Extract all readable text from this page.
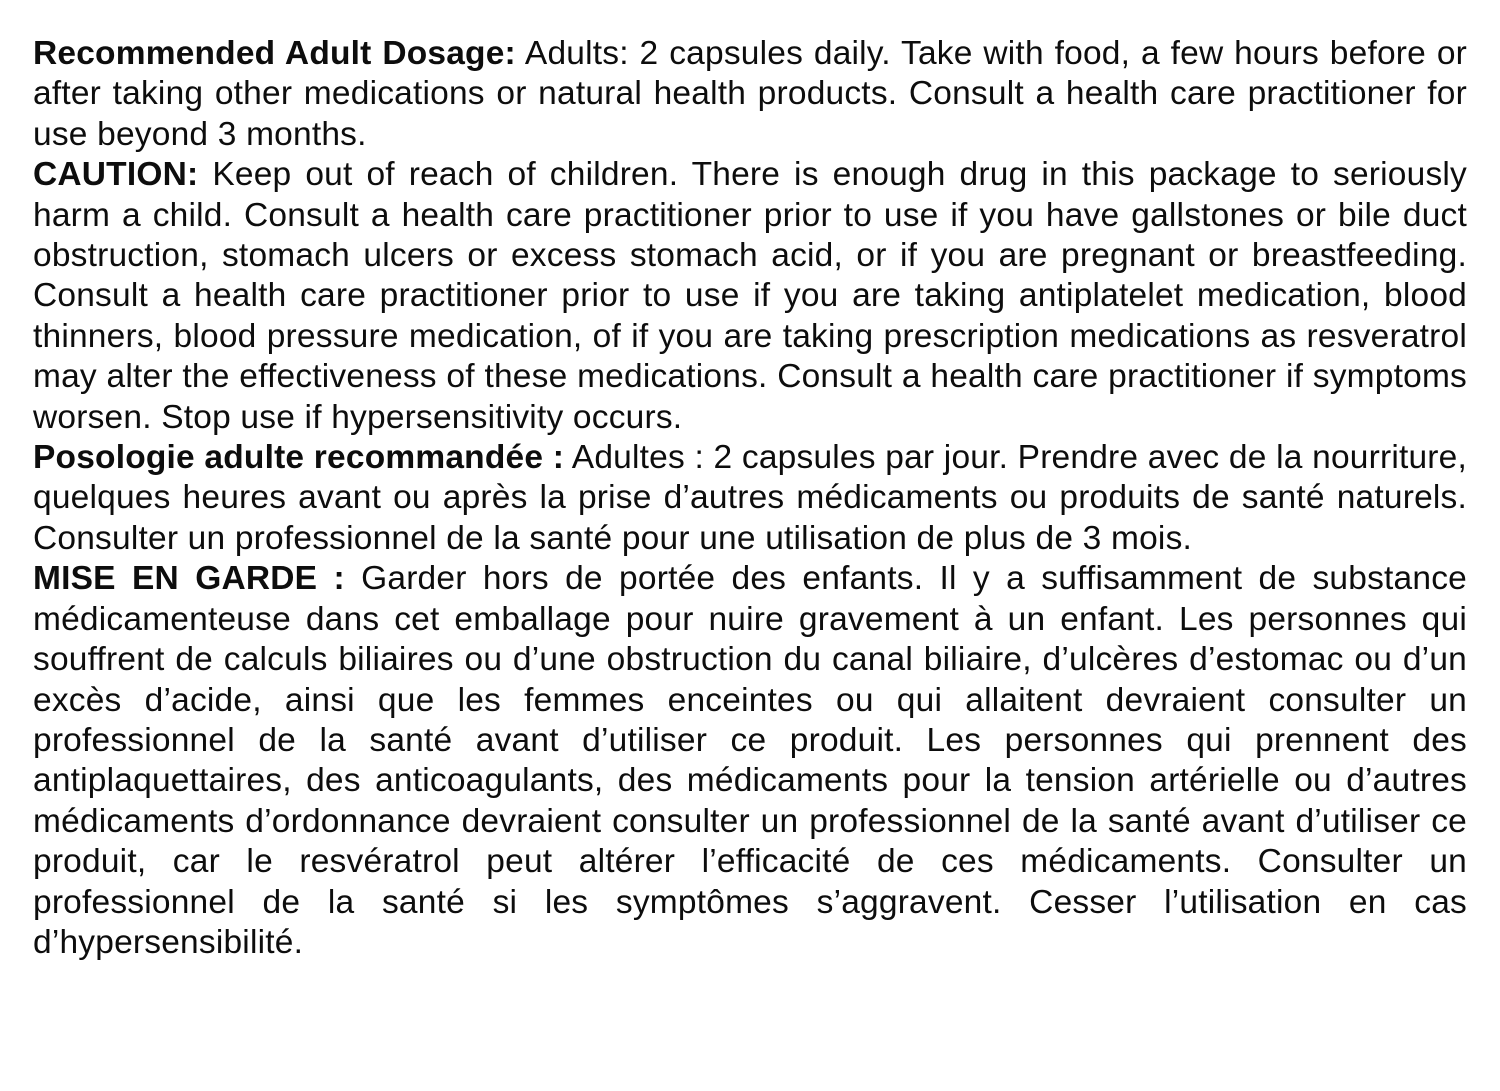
Recommended Adult Dosage: Adults: 2 capsules daily. Take with food, a few hours before or after taking other medications or natural health products. Consult a health care practitioner for use beyond 3 months.

CAUTION: Keep out of reach of children. There is enough drug in this package to seriously harm a child. Consult a health care practitioner prior to use if you have gallstones or bile duct obstruction, stomach ulcers or excess stomach acid, or if you are pregnant or breastfeeding. Consult a health care practitioner prior to use if you are taking antiplatelet medication, blood thinners, blood pressure medication, of if you are taking prescription medications as resveratrol may alter the effectiveness of these medications. Consult a health care practitioner if symptoms worsen. Stop use if hypersensitivity occurs.

Posologie adulte recommandée : Adultes : 2 capsules par jour. Prendre avec de la nourriture, quelques heures avant ou après la prise d’autres médicaments ou produits de santé naturels. Consulter un professionnel de la santé pour une utilisation de plus de 3 mois.

MISE EN GARDE : Garder hors de portée des enfants. Il y a suffisamment de substance médicamenteuse dans cet emballage pour nuire gravement à un enfant. Les personnes qui souffrent de calculs biliaires ou d’une obstruction du canal biliaire, d’ulcères d’estomac ou d’un excès d’acide, ainsi que les femmes enceintes ou qui allaitent devraient consulter un professionnel de la santé avant d’utiliser ce produit. Les personnes qui prennent des antiplaquettaires, des anticoagulants, des médicaments pour la tension artérielle ou d’autres médicaments d’ordonnance devraient consulter un professionnel de la santé avant d’utiliser ce produit, car le resvératrol peut altérer l’efficacité de ces médicaments. Consulter un professionnel de la santé si les symptômes s’aggravent. Cesser l’utilisation en cas d’hypersensibilité.
